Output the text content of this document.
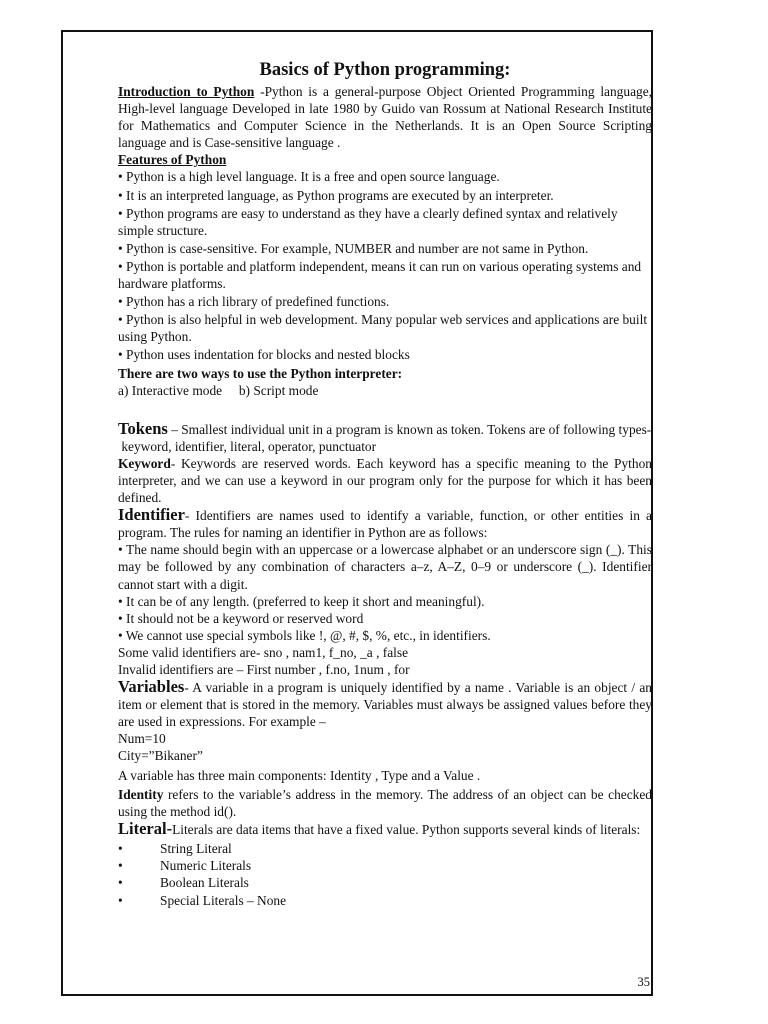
Basics of Python programming:

Introduction to Python -Python is a general-purpose Object Oriented Programming language, High-level language Developed in late 1980 by Guido van Rossum at National Research Institute for Mathematics and Computer Science in the Netherlands. It is an Open Source Scripting language and is Case-sensitive language .

Features of Python

• Python is a high level language. It is a free and open source language.
• It is an interpreted language, as Python programs are executed by an interpreter.
• Python programs are easy to understand as they have a clearly defined syntax and relatively simple structure.
• Python is case-sensitive. For example, NUMBER and number are not same in Python.
• Python is portable and platform independent, means it can run on various operating systems and hardware platforms.
• Python has a rich library of predefined functions.
• Python is also helpful in web development. Many popular web services and applications are built using Python.
• Python uses indentation for blocks and nested blocks

There are two ways to use the Python interpreter:

a) Interactive mode     b) Script mode

Tokens – Smallest individual unit in a program is known as token. Tokens are of following types-

keyword, identifier, literal, operator, punctuator

Keyword- Keywords are reserved words. Each keyword has a specific meaning to the Python interpreter, and we can use a keyword in our program only for the purpose for which it has been defined.

Identifier- Identifiers are names used to identify a variable, function, or other entities in a program. The rules for naming an identifier in Python are as follows:

• The name should begin with an uppercase or a lowercase alphabet or an underscore sign (_). This may be followed by any combination of characters a–z, A–Z, 0–9 or underscore (_). Identifier cannot start with a digit.

• It can be of any length. (preferred to keep it short and meaningful).

• It should not be a keyword or reserved word

• We cannot use special symbols like !, @, #, $, %, etc., in identifiers.

Some valid identifiers are- sno , nam1, f_no, _a , false

Invalid identifiers are – First number , f.no, 1num , for

Variables- A variable in a program is uniquely identified by a name . Variable is an object / an item or element that is stored in the memory. Variables must always be assigned values before they are used in expressions. For example –

Num=10

City=”Bikaner”

A variable has three main components: Identity , Type and a Value .

Identity refers to the variable’s address in the memory. The address of an object can be checked using the method id().

Literal-Literals are data items that have a fixed value. Python supports several kinds of literals:

• String Literal
• Numeric Literals
• Boolean Literals
• Special Literals – None
35
